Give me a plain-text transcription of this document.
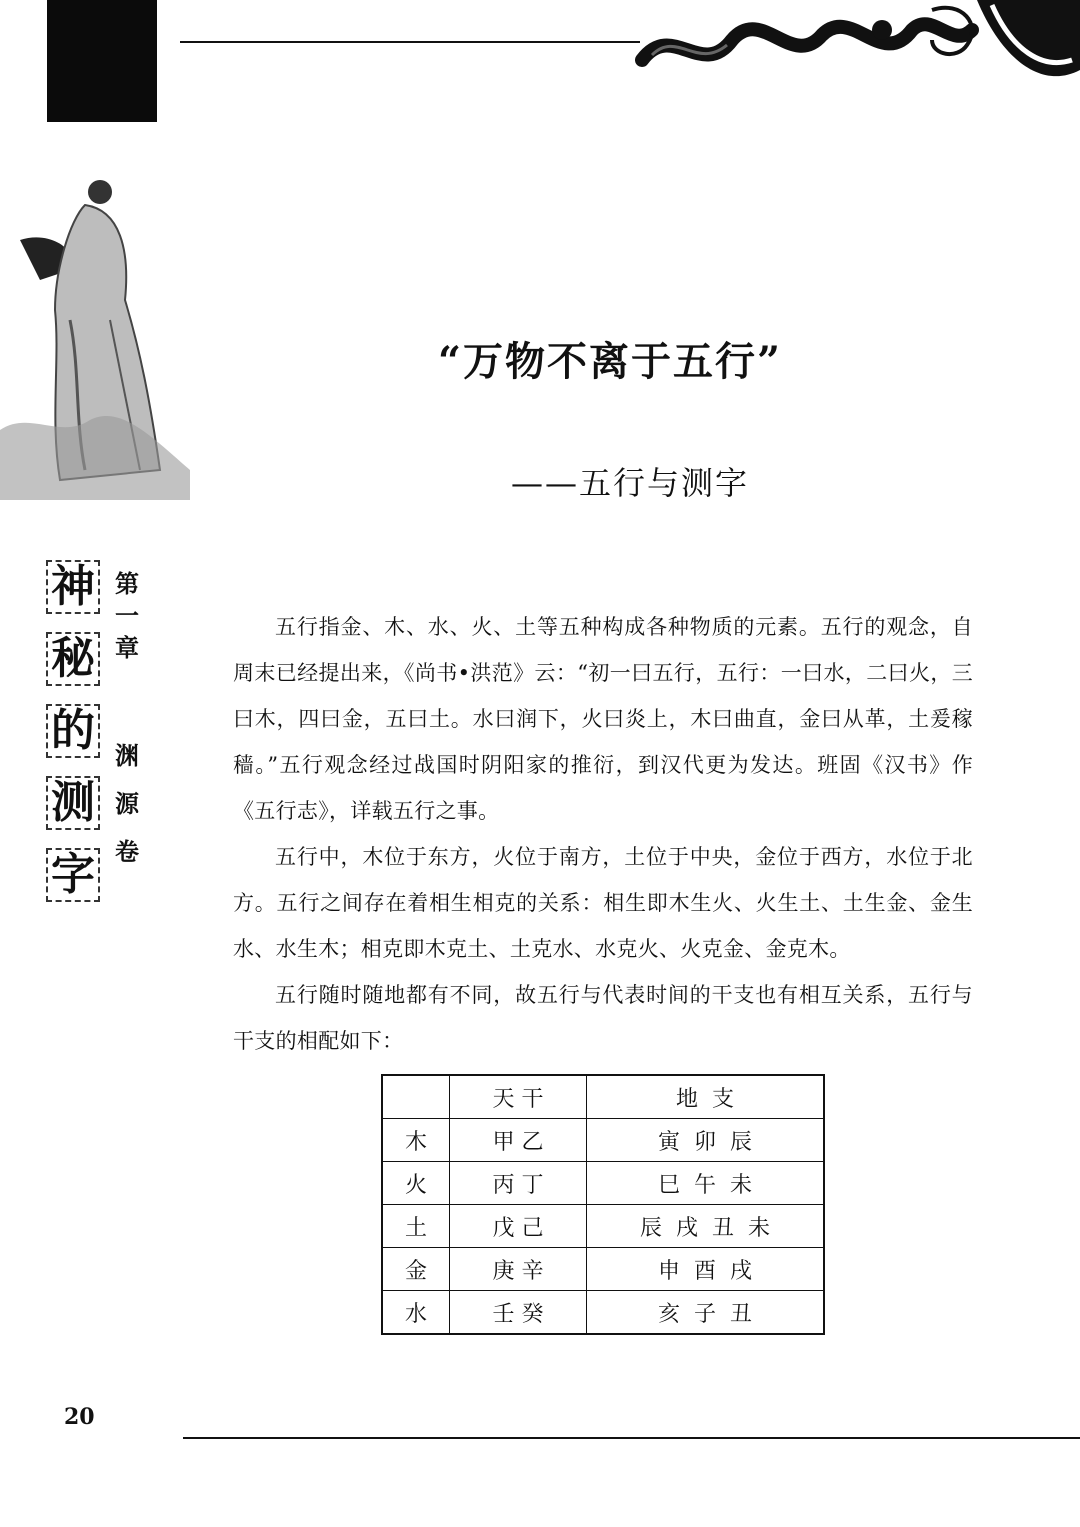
神
秘
的
测
字
第
一
章
渊
源
卷
“万物不离于五行”
——五行与测字

五行指金、木、水、火、土等五种构成各种物质的元素。五行的观念，自周末已经提出来，《尚书•洪范》云：“初一曰五行，五行：一曰水，二曰火，三曰木，四曰金，五曰土。水曰润下，火曰炎上，木曰曲直，金曰从革，土爰稼穑。”五行观念经过战国时阴阳家的推衍，到汉代更为发达。班固《汉书》作《五行志》，详载五行之事。

五行中，木位于东方，火位于南方，土位于中央，金位于西方，水位于北方。五行之间存在着相生相克的关系：相生即木生火、火生土、土生金、金生水、水生木；相克即木克土、土克水、水克火、火克金、金克木。

五行随时随地都有不同，故五行与代表时间的干支也有相互关系，五行与干支的相配如下：

	天 干	地  支
木	甲 乙	寅  卯  辰
火	丙 丁	巳  午  未
土	戊 己	辰  戌  丑  未
金	庚 辛	申  酉  戌
水	壬 癸	亥  子  丑
20
